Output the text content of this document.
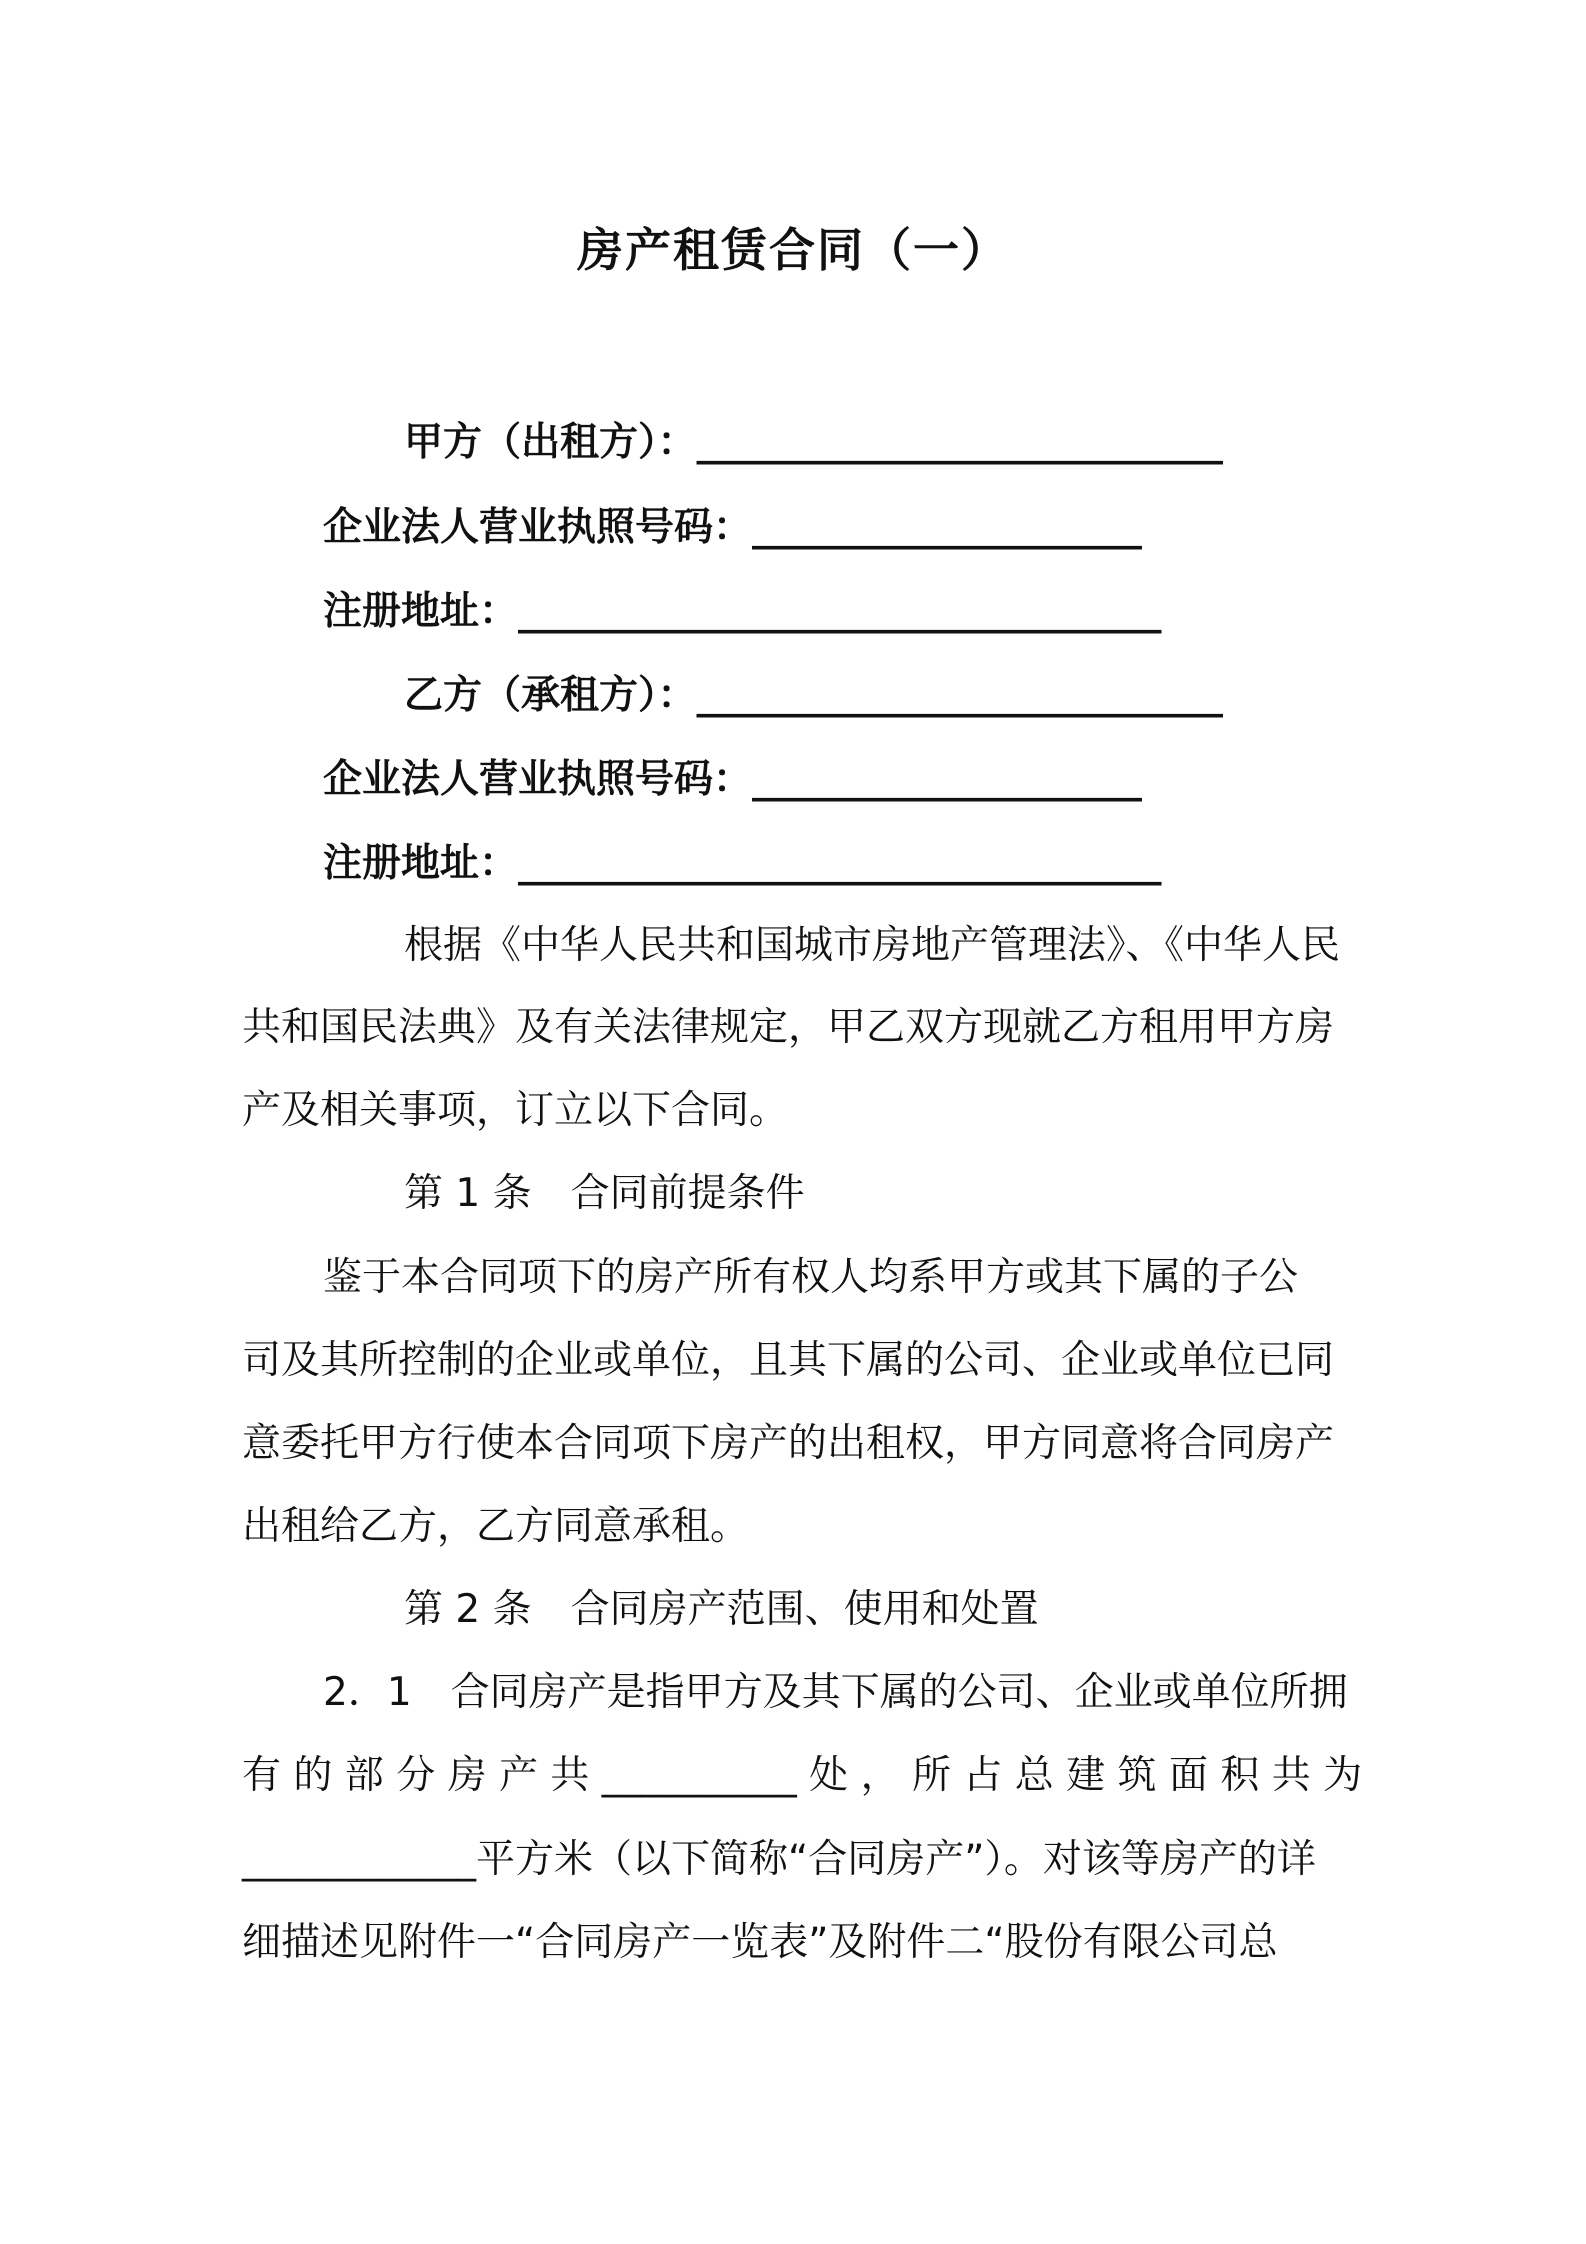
房产租赁合同（一）
甲方（出租方）：___________________________
企业法人营业执照号码：____________________
注册地址：_________________________________
乙方（承租方）：___________________________
企业法人营业执照号码：____________________
注册地址：_________________________________
根据《中华人民共和国城市房地产管理法》、《中华人民
共和国民法典》及有关法律规定，甲乙双方现就乙方租用甲方房
产及相关事项，订立以下合同。
第 1 条　合同前提条件
鉴于本合同项下的房产所有权人均系甲方或其下属的子公
司及其所控制的企业或单位，且其下属的公司、企业或单位已同
意委托甲方行使本合同项下房产的出租权，甲方同意将合同房产
出租给乙方，乙方同意承租。
第 2 条　合同房产范围、使用和处置
2．1　合同房产是指甲方及其下属的公司、企业或单位所拥
有 的 部 分 房 产 共 __________ 处 ， 所 占 总 建 筑 面 积 共 为
____________平方米（以下简称“合同房产”）。对该等房产的详
细描述见附件一“合同房产一览表”及附件二“股份有限公司总
